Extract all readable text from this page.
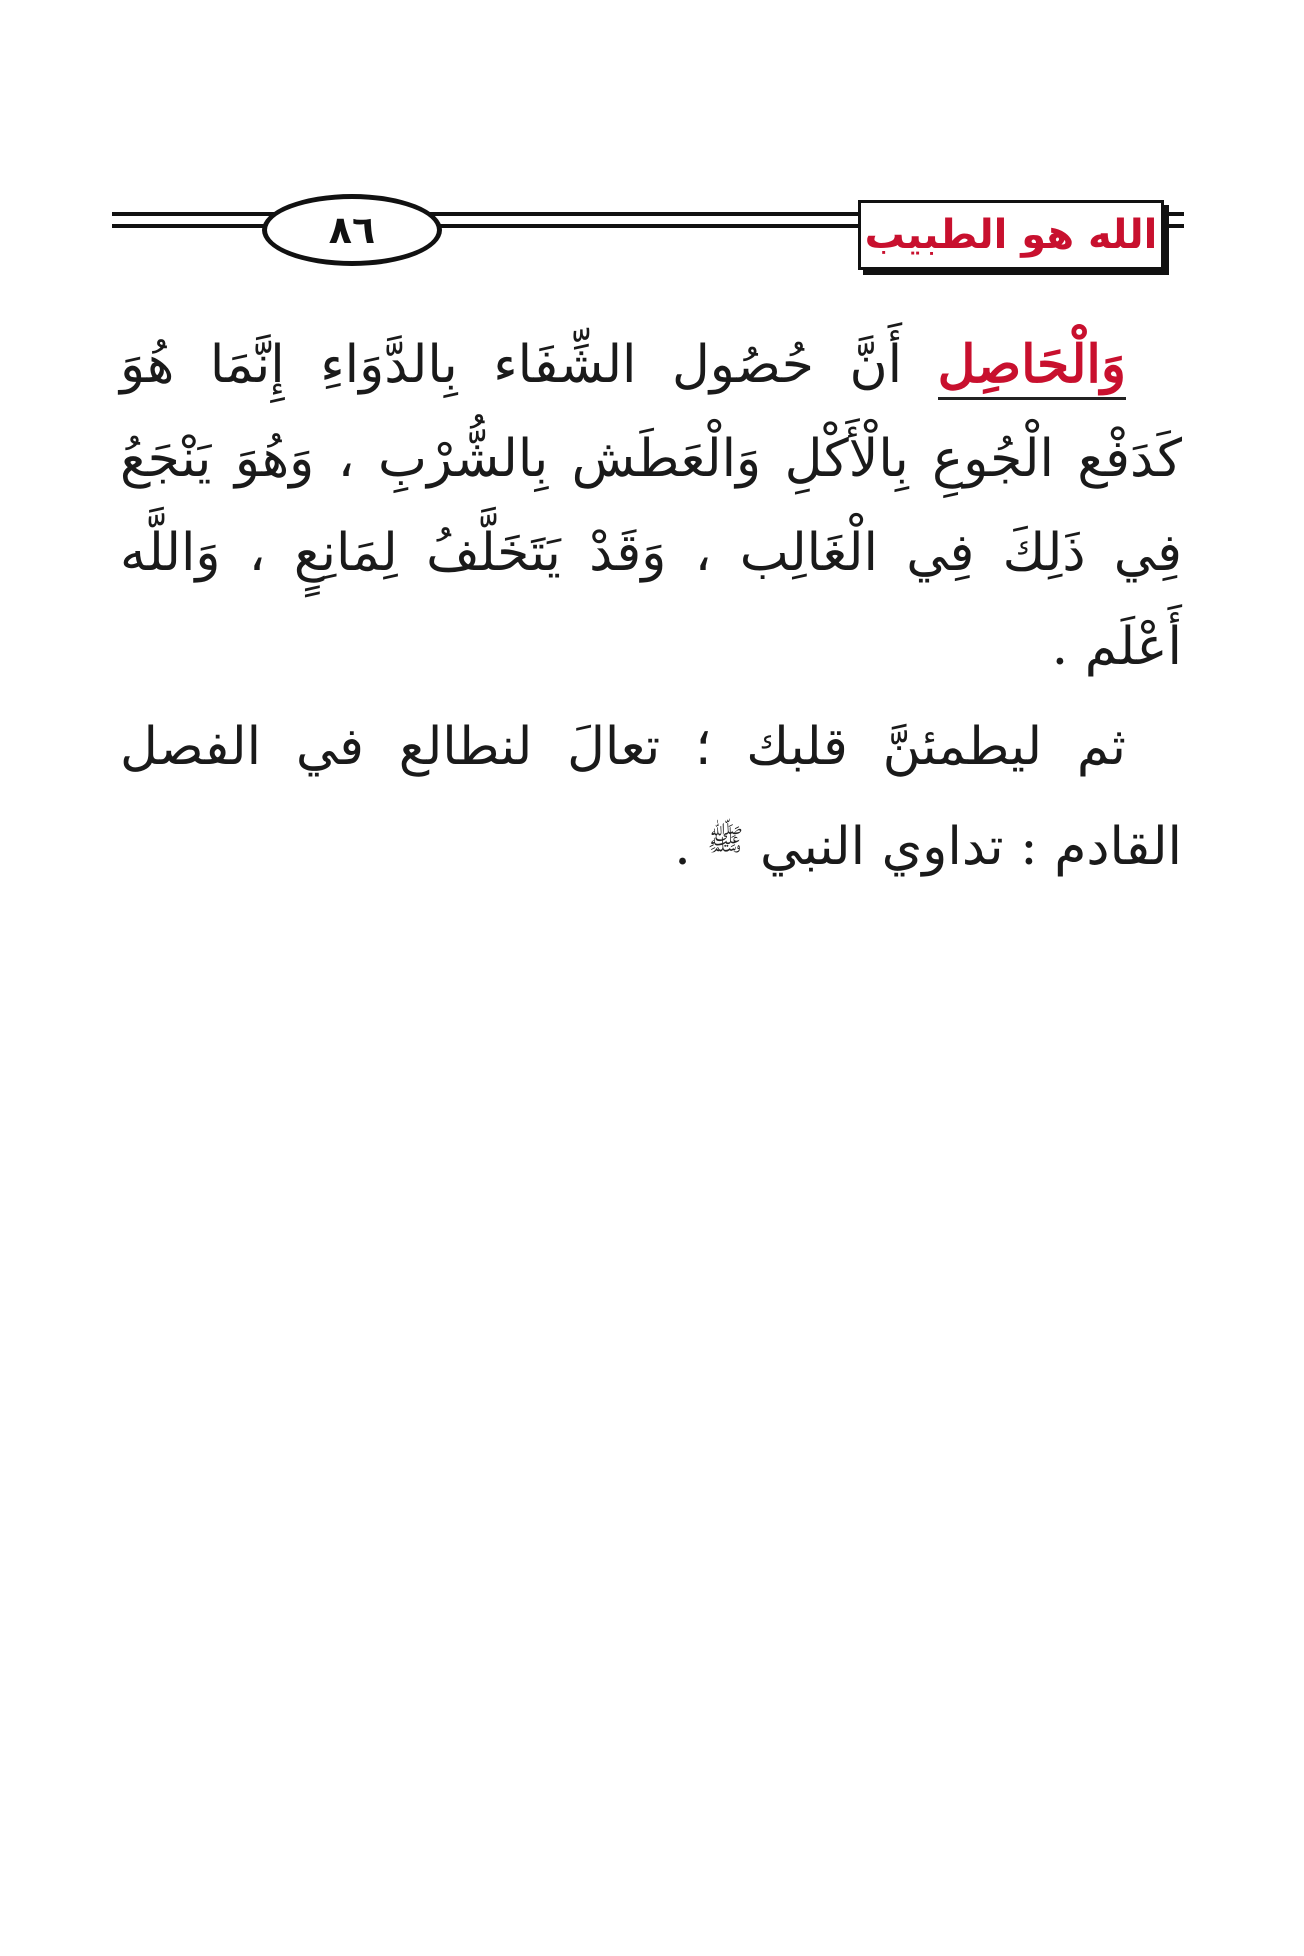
٨٦	الله هو الطبيب

وَالْحَاصِل أَنَّ حُصُول الشِّفَاء بِالدَّوَاءِ إِنَّمَا هُوَ كَدَفْع الْجُوعِ بِالْأَكْلِ وَالْعَطَش بِالشُّرْبِ ، وَهُوَ يَنْجَعُ فِي ذَلِكَ فِي الْغَالِب ، وَقَدْ يَتَخَلَّفُ لِمَانِعٍ ، وَاللَّه أَعْلَم .

ثم ليطمئنَّ قلبك ؛ تعالَ لنطالع في الفصل القادم : تداوي النبي $^ﷺ$ .
